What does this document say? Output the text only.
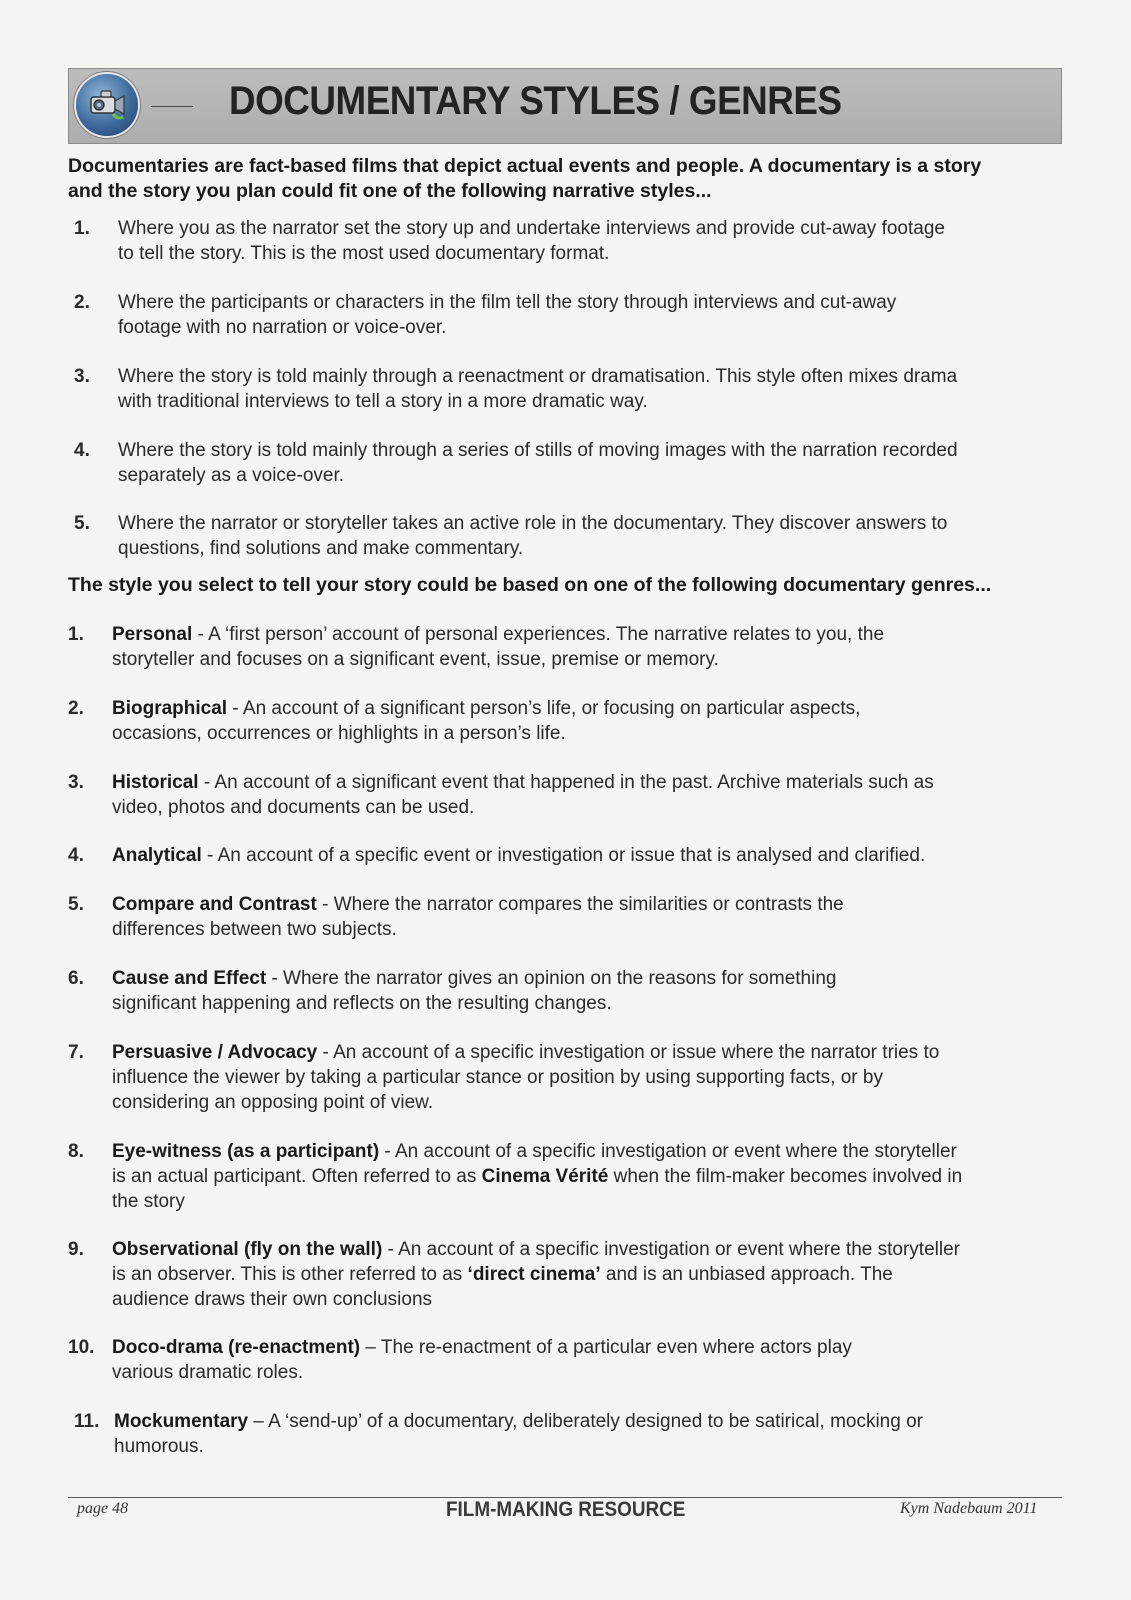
DOCUMENTARY STYLES / GENRES
Documentaries are fact-based films that depict actual events and people. A documentary is a story
and the story you plan could fit one of the following narrative styles...
1. Where you as the narrator set the story up and undertake interviews and provide cut-away footage
to tell the story. This is the most used documentary format.
2. Where the participants or characters in the film tell the story through interviews and cut-away
footage with no narration or voice-over.
3. Where the story is told mainly through a reenactment or dramatisation. This style often mixes drama
with traditional interviews to tell a story in a more dramatic way.
4. Where the story is told mainly through a series of stills of moving images with the narration recorded
separately as a voice-over.
5. Where the narrator or storyteller takes an active role in the documentary. They discover answers to
questions, find solutions and make commentary.
The style you select to tell your story could be based on one of the following documentary genres...
1. Personal - A ‘first person’ account of personal experiences. The narrative relates to you, the
storyteller and focuses on a significant event, issue, premise or memory.
2. Biographical - An account of a significant person’s life, or focusing on particular aspects,
occasions, occurrences or highlights in a person’s life.
3. Historical - An account of a significant event that happened in the past. Archive materials such as
video, photos and documents can be used.
4. Analytical - An account of a specific event or investigation or issue that is analysed and clarified.
5. Compare and Contrast - Where the narrator compares the similarities or contrasts the
differences between two subjects.
6. Cause and Effect - Where the narrator gives an opinion on the reasons for something
significant happening and reflects on the resulting changes.
7. Persuasive / Advocacy - An account of a specific investigation or issue where the narrator tries to
influence the viewer by taking a particular stance or position by using supporting facts, or by
considering an opposing point of view.
8. Eye-witness (as a participant) - An account of a specific investigation or event where the storyteller
is an actual participant. Often referred to as Cinema Vérité when the film-maker becomes involved in
the story
9. Observational (fly on the wall) - An account of a specific investigation or event where the storyteller
is an observer. This is other referred to as ‘direct cinema’ and is an unbiased approach. The
audience draws their own conclusions
10. Doco-drama (re-enactment) – The re-enactment of a particular even where actors play
various dramatic roles.
11. Mockumentary – A ‘send-up’ of a documentary, deliberately designed to be satirical, mocking or
humorous.
page 48	FILM-MAKING RESOURCE	Kym Nadebaum 2011
